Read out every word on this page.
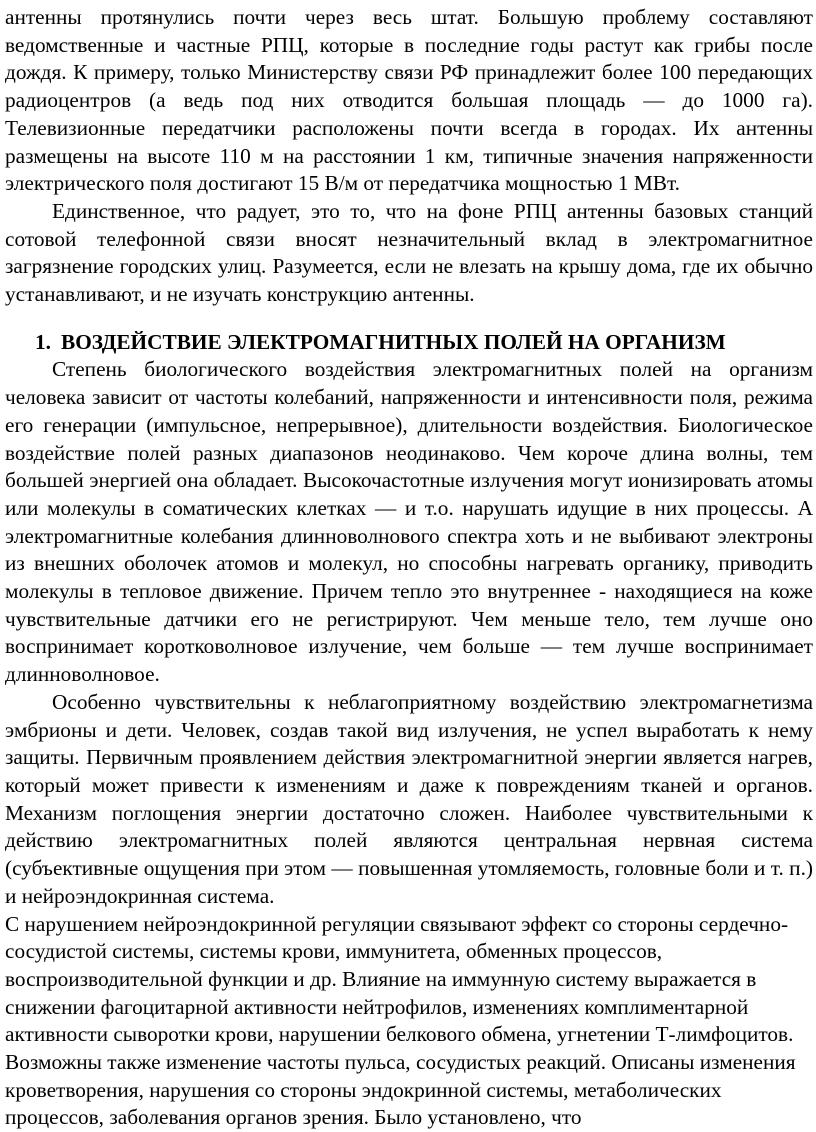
антенны протянулись почти через весь штат. Большую проблему составляют ведомственные и частные РПЦ, которые в последние годы растут как грибы после дождя. К примеру, только Министерству связи РФ принадлежит более 100 передающих радиоцентров (а ведь под них отводится большая площадь — до 1000 га). Телевизионные передатчики расположены почти всегда в городах. Их антенны размещены на высоте 110 м на расстоянии 1 км, типичные значения напряженности электрического поля достигают 15 В/м от передатчика мощностью 1 МВт.

Единственное, что радует, это то, что на фоне РПЦ антенны базовых станций сотовой телефонной связи вносят незначительный вклад в электромагнитное загрязнение городских улиц. Разумеется, если не влезать на крышу дома, где их обычно устанавливают, и не изучать конструкцию антенны.

1. ВОЗДЕЙСТВИЕ ЭЛЕКТРОМАГНИТНЫХ ПОЛЕЙ НА ОРГАНИЗМ

Степень биологического воздействия электромагнитных полей на организм человека зависит от частоты колебаний, напряженности и интенсивности поля, режима его генерации (импульсное, непрерывное), длительности воздействия. Биологическое воздействие полей разных диапазонов неодинаково. Чем короче длина волны, тем большей энергией она обладает. Высокочастотные излучения могут ионизировать атомы или молекулы в соматических клетках — и т.о. нарушать идущие в них процессы. А электромагнитные колебания длинноволнового спектра хоть и не выбивают электроны из внешних оболочек атомов и молекул, но способны нагревать органику, приводить молекулы в тепловое движение. Причем тепло это внутреннее - находящиеся на коже чувствительные датчики его не регистрируют. Чем меньше тело, тем лучше оно воспринимает коротковолновое излучение, чем больше — тем лучше воспринимает длинноволновое.

Особенно чувствительны к неблагоприятному воздействию электромагнетизма эмбрионы и дети. Человек, создав такой вид излучения, не успел выработать к нему защиты. Первичным проявлением действия электромагнитной энергии является нагрев, который может привести к изменениям и даже к повреждениям тканей и органов. Механизм поглощения энергии достаточно сложен. Наиболее чувствительными к действию электромагнитных полей являются центральная нервная система (субъективные ощущения при этом — повышенная утомляемость, головные боли и т. п.) и нейроэндокринная система.

С нарушением нейроэндокринной регуляции связывают эффект со стороны сердечно-сосудистой системы, системы крови, иммунитета, обменных процессов, воспроизводительной функции и др. Влияние на иммунную систему выражается в снижении фагоцитарной активности нейтрофилов, изменениях комплиментарной активности сыворотки крови, нарушении белкового обмена, угнетении Т-лимфоцитов. Возможны также изменение частоты пульса, сосудистых реакций. Описаны изменения кроветворения, нарушения со стороны эндокринной системы, метаболических процессов, заболевания органов зрения. Было установлено, что
